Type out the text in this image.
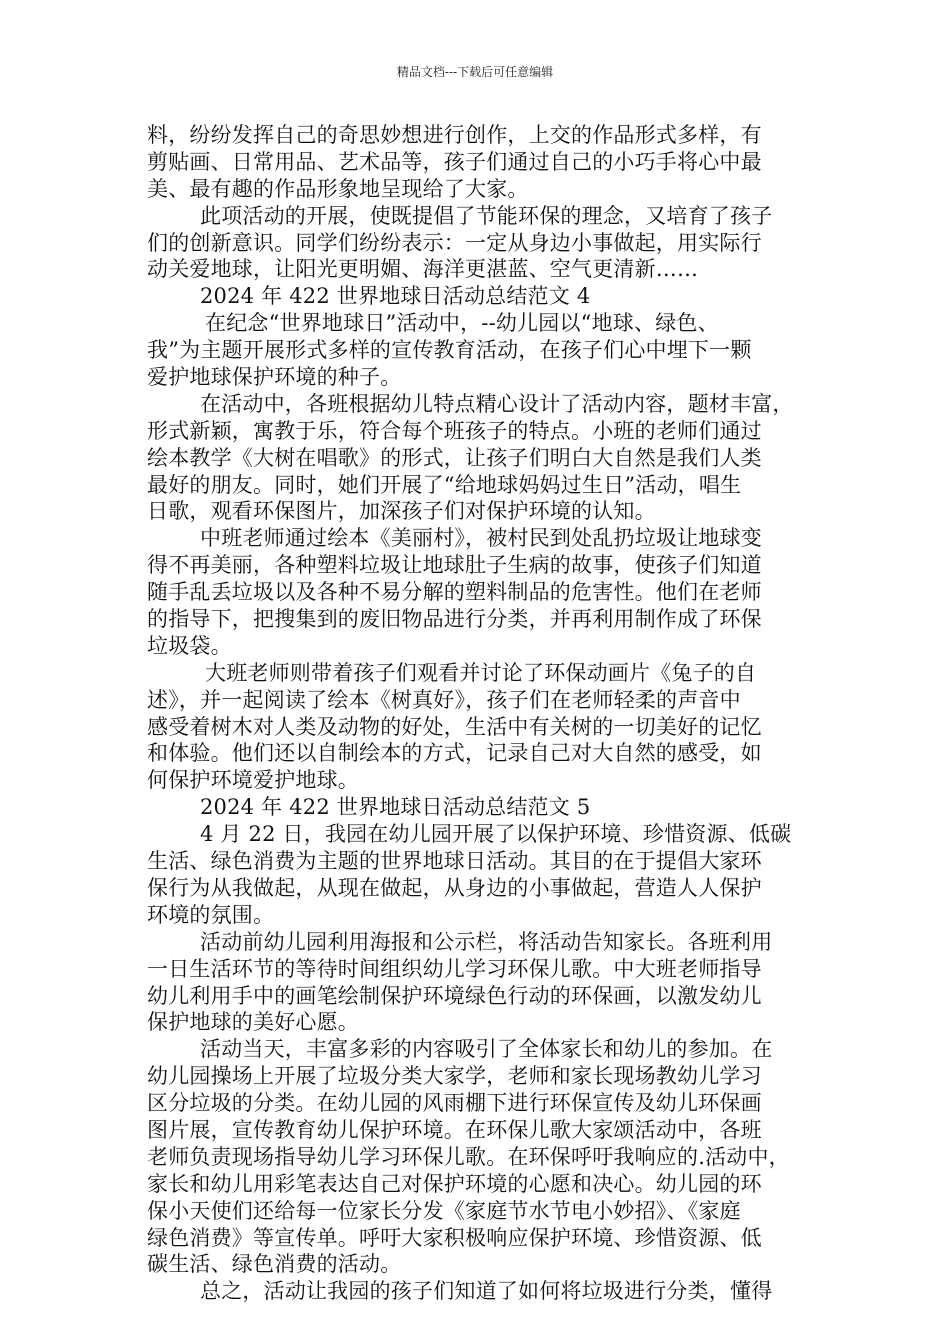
精品文档---下载后可任意编辑
料，纷纷发挥自己的奇思妙想进行创作，上交的作品形式多样，有
剪贴画、日常用品、艺术品等，孩子们通过自己的小巧手将心中最
美、最有趣的作品形象地呈现给了大家。
此项活动的开展，使既提倡了节能环保的理念，又培育了孩子
们的创新意识。同学们纷纷表示：一定从身边小事做起，用实际行
动关爱地球，让阳光更明媚、海洋更湛蓝、空气更清新……
2024 年 422 世界地球日活动总结范文 4
在纪念“世界地球日”活动中，--幼儿园以“地球、绿色、
我”为主题开展形式多样的宣传教育活动，在孩子们心中埋下一颗
爱护地球保护环境的种子。
在活动中，各班根据幼儿特点精心设计了活动内容，题材丰富，
形式新颖，寓教于乐，符合每个班孩子的特点。小班的老师们通过
绘本教学《大树在唱歌》的形式，让孩子们明白大自然是我们人类
最好的朋友。同时，她们开展了“给地球妈妈过生日”活动，唱生
日歌，观看环保图片，加深孩子们对保护环境的认知。
中班老师通过绘本《美丽村》，被村民到处乱扔垃圾让地球变
得不再美丽，各种塑料垃圾让地球肚子生病的故事，使孩子们知道
随手乱丢垃圾以及各种不易分解的塑料制品的危害性。他们在老师
的指导下，把搜集到的废旧物品进行分类，并再利用制作成了环保
垃圾袋。
大班老师则带着孩子们观看并讨论了环保动画片《兔子的自
述》，并一起阅读了绘本《树真好》，孩子们在老师轻柔的声音中
感受着树木对人类及动物的好处，生活中有关树的一切美好的记忆
和体验。他们还以自制绘本的方式，记录自己对大自然的感受，如
何保护环境爱护地球。
2024 年 422 世界地球日活动总结范文 5
4 月 22 日，我园在幼儿园开展了以保护环境、珍惜资源、低碳
生活、绿色消费为主题的世界地球日活动。其目的在于提倡大家环
保行为从我做起，从现在做起，从身边的小事做起，营造人人保护
环境的氛围。
活动前幼儿园利用海报和公示栏，将活动告知家长。各班利用
一日生活环节的等待时间组织幼儿学习环保儿歌。中大班老师指导
幼儿利用手中的画笔绘制保护环境绿色行动的环保画，以激发幼儿
保护地球的美好心愿。
活动当天，丰富多彩的内容吸引了全体家长和幼儿的参加。在
幼儿园操场上开展了垃圾分类大家学，老师和家长现场教幼儿学习
区分垃圾的分类。在幼儿园的风雨棚下进行环保宣传及幼儿环保画
图片展，宣传教育幼儿保护环境。在环保儿歌大家颂活动中，各班
老师负责现场指导幼儿学习环保儿歌。在环保呼吁我响应的.活动中，
家长和幼儿用彩笔表达自己对保护环境的心愿和决心。幼儿园的环
保小天使们还给每一位家长分发《家庭节水节电小妙招》、《家庭
绿色消费》等宣传单。呼吁大家积极响应保护环境、珍惜资源、低
碳生活、绿色消费的活动。
总之，活动让我园的孩子们知道了如何将垃圾进行分类，懂得
